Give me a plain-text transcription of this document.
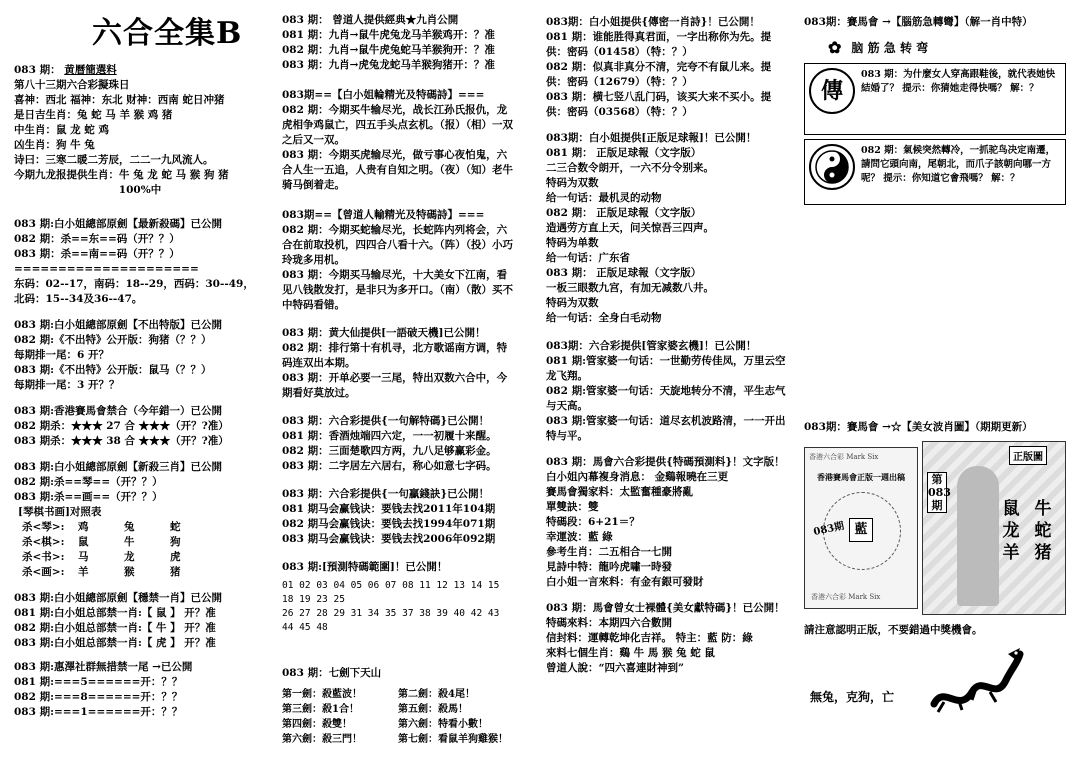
六合全集B
083 期： 黄曆簡選料
第八十三期六合彩擬珠日
喜神：西北 福神：东北 财神：西南 蛇日冲猪
是日吉生肖：兔 蛇 马 羊 猴 鸡 猪
中生肖：鼠 龙 蛇 鸡
凶生肖：狗 牛 兔
诗曰：三寒二暖二芳辰，二二一九风流人。
今期九龙报提供生肖：牛 兔 龙 蛇 马 猴 狗 猪
100%中
083 期:白小姐總部原劍【最新殺碼】已公開
082 期：杀==东==码（开？？）
083 期：杀==南==码（开？？）
=====================
东码：02--17，南码：18--29，西码：30--49，
北码：15--34及36--47。
083 期:白小姐總部原劍【不出特版】已公開
082 期:《不出特》公开版：狗猪（？？）
每期排一尾：6 开？
083 期:《不出特》公开版：鼠马（？？）
每期排一尾：3 开？？
083 期:香港賽馬會禁合（今年錯一）已公開
082 期杀：★★★ 27 合 ★★★（开？?准）
083 期杀：★★★ 38 合 ★★★（开？?准）
083 期:白小姐總部原劍【新殺三肖】已公開
082 期:杀==琴==（开？？）
083 期:杀==画==（开？？）
[琴棋书画]对照表
杀<琴>:	鸡	兔	蛇
杀<棋>:	鼠	牛	狗
杀<书>:	马	龙	虎
杀<画>:	羊	猴	猪
083 期:白小姐總部原劍【穩禁一肖】已公開
081 期:白小姐总部禁一肖:【 鼠 】 开？准
082 期:白小姐总部禁一肖:【 牛 】 开？准
083 期:白小姐总部禁一肖:【 虎 】 开？准
083 期:惠澤社群無措禁一尾 →已公開
081 期:===5======开：？？
082 期:===8======开：？？
083 期:===1======开：？？
083 期： 曾道人提供經典★九肖公開
081 期：九肖→鼠牛虎兔龙马羊猴鸡开：？准
082 期：九肖→鼠牛虎兔蛇马羊猴狗开：？准
083 期：九肖→虎兔龙蛇马羊猴狗猪开：？准
083期==【白小姐輪精光及特碼詩】===
082 期：今期买牛输尽光，战长江孙氏报仇，龙虎相争鸡鼠亡，四五手头点玄机。（报）（相）一双之后又一双。
083 期：今期买虎输尽光，做亏事心夜怕鬼，六合人生一五追，人贵有自知之明。（夜）（知）老牛骑马倒着走。
083期==【曾道人輸精光及特碼詩】===
082 期：今期买蛇输尽光，长蛇阵内列将会，六合在前取投机，四四合八看十六。（阵）（投）小巧玲珑多用机。
083 期：今期买马输尽光，十大美女下江南，看见八钱散发打，是非只为多开口。（南）（散）买不中特码看错。
083 期：黄大仙提供[一語破天機]已公開！
082 期：排行第十有机寻，北方歌谣南方调，特码连双出本期。
083 期：开单必要一三尾，特出双数六合中，今期看好莫放过。
083 期：六合彩提供{一句解特碼}已公開！
081 期：香酒烛端四六定，一一初履十来醒。
082 期：三面楚歌四方两，九八足够赢彩金。
083 期：二字居左六居右，称心如意七字码。
083 期：六合彩提供{一句贏錢訣}已公開！
081 期马会赢钱诀：要钱去找2011年104期
082 期马会赢钱诀：要钱去找1994年071期
083 期马会赢钱诀：要钱去找2006年092期
083 期:[預測特碼範圍]！已公開！
01 02 03 04 05 06 07 08 11 12 13 14 15 18 19 23 25
26 27 28 29 31 34 35 37 38 39 40 42 43 44 45 48
083 期：七劍下天山
第一劍：殺藍波！	第二劍：殺4尾！
第三劍：殺1合！	第五劍：殺馬！
第四劍：殺雙！	第六劍：特看小數！
第六劍：殺三門！	第七劍：看鼠羊狗雞猴！
083期：白小姐提供{傳密一肖詩}！已公開！
081 期：谁能胜得真君面，一字出称你为先。提供：密码（01458）（特：？）
082 期：似真非真分不清，完夸不有鼠儿来。提供：密码（12679）（特：？）
083 期：横七竖八乱门码，该买大来不买小。提供：密码（03568）（特：？）
083期：白小姐提供[正版足球報]！已公開！
081 期： 正版足球報（文字版）
二三合数令朗开，一六不分令别来。
特码为双数
给一句话：最机灵的动物
082 期： 正版足球報（文字版）
造遇劳方直上天，问关惊吾三四声。
特码为单数
给一句话：广东省
083 期： 正版足球報（文字版）
一板三眼数九宫，有加无减数八井。
特码为双数
给一句话：全身白毛动物
083期：六合彩提供[管家婆玄機]！已公開！
081 期:管家婆一句话：一世勤劳传佳凤，万里云空龙飞翔。
082 期:管家婆一句话：天旋地转分不清，平生志气与天高。
083 期:管家婆一句话：道尽玄机波路清，一一开出特与平。
083 期：馬會六合彩提供{特碼預測料}！文字版！
白小姐內幕複身消息： 金鷄報曉在三更
賽馬會獨家料：太監奮種豪將亂
單雙訣：雙
特碼段：6+21＝？
幸運波：藍 綠
參考生肖：二五相合一七開
見詩中特：龍吟虎嘯一時發
白小姐一言來料：有金有銀可發財
083 期：馬會曾女士裸體{美女獻特碼}！已公開！
特碼來料：本期四六合數開
信封料：運轉乾坤化吉祥。 特主：藍 防：綠
來料七個生肖：鷄 牛 馬 猴 兔 蛇 鼠
曾道人說：“四六喜連財神到”
083期：賽馬會 →【腦筋急轉彎】（解一肖中特）
✿ 脑 筋 急 转 弯
傳
083 期：为什麼女人穿高跟鞋後，就代表她快結婚了？ 提示：你猜她走得快嗎？ 解：？
082 期：氣候突然轉冷，一抓驼鸟决定南遷，請問它頭向南，尾朝北，而爪子該朝向哪一方呢？ 提示：你知道它會飛嗎？ 解：？
083期：賽馬會 →☆【美女波肖圖】（期期更新）
香港六合彩 Mark Six
香港賽馬會正版一週出稿
083期 藍
香港六合彩 Mark Six
第083期
正版圖
鼠 牛
龙 蛇
羊 猪
請注意認明正版，不要錯過中獎機會。
無兔，克狗，亡
